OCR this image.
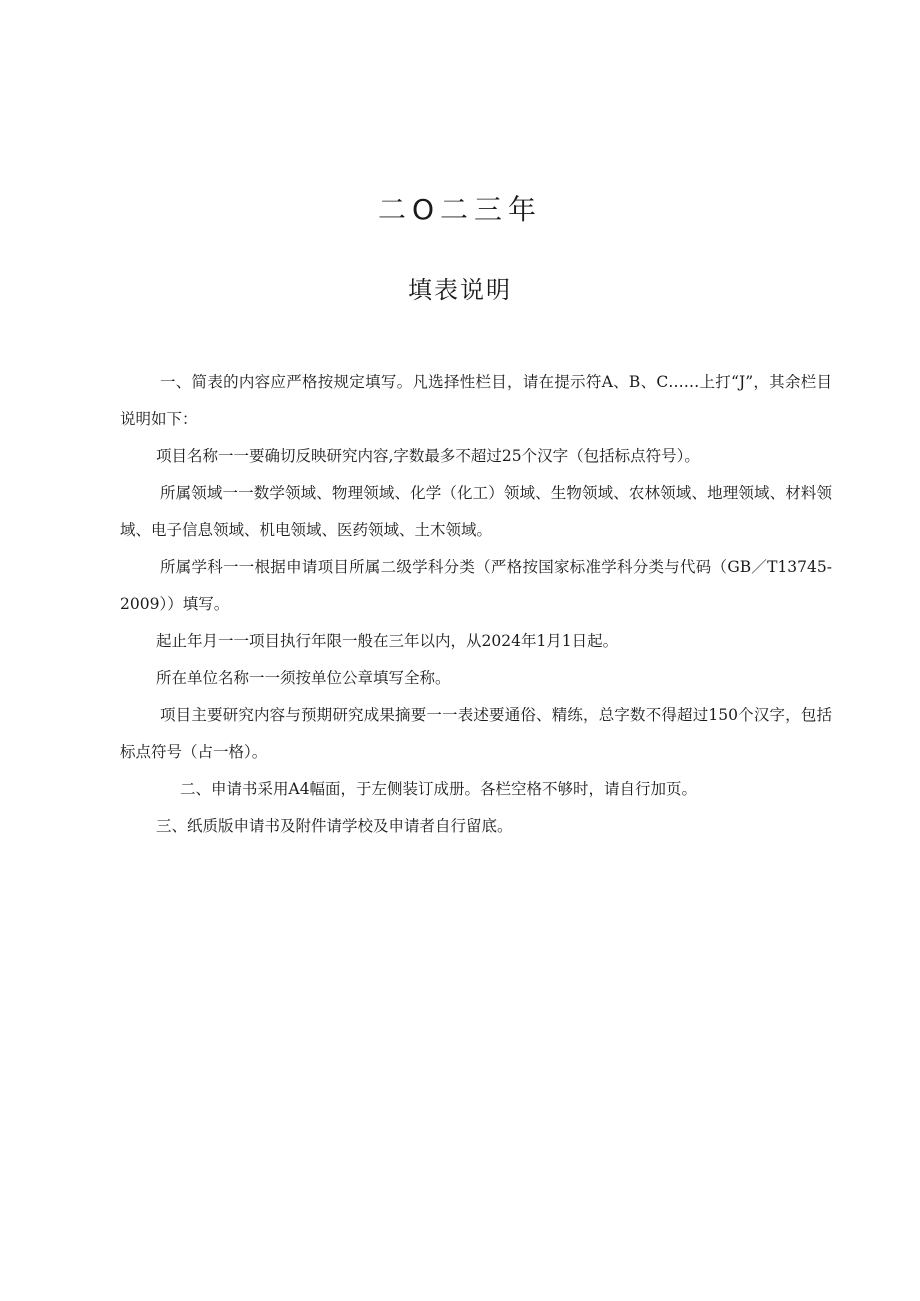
二O二三年
填表说明

一、简表的内容应严格按规定填写。凡选择性栏目，请在提示符A、B、C……上打“J”，其余栏目说明如下：

项目名称一一要确切反映研究内容,字数最多不超过25个汉字（包括标点符号）。

所属领域一一数学领域、物理领域、化学（化工）领域、生物领域、农林领域、地理领域、材料领域、电子信息领域、机电领域、医药领域、土木领域。

所属学科一一根据申请项目所属二级学科分类（严格按国家标准学科分类与代码（GB／T13745-2009））填写。

起止年月一一项目执行年限一般在三年以内，从2024年1月1日起。

所在单位名称一一须按单位公章填写全称。

项目主要研究内容与预期研究成果摘要一一表述要通俗、精练，总字数不得超过150个汉字，包括标点符号（占一格）。

二、申请书采用A4幅面，于左侧装订成册。各栏空格不够时，请自行加页。

三、纸质版申请书及附件请学校及申请者自行留底。
